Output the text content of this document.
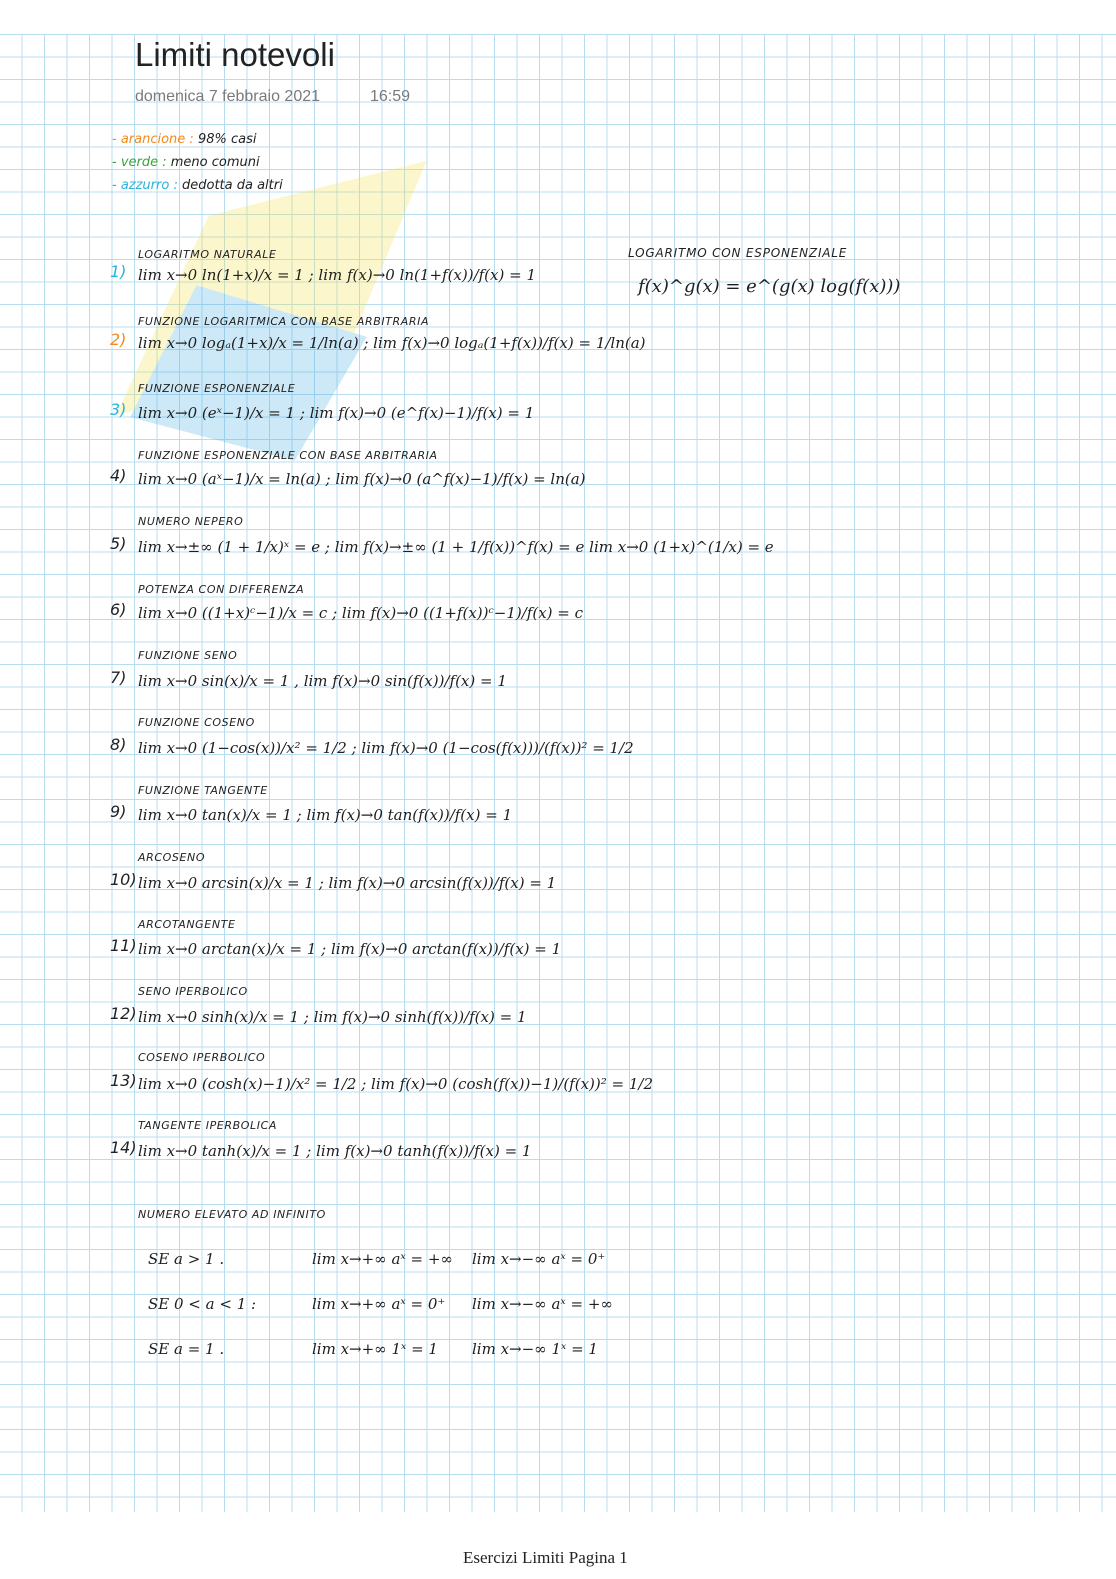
Limiti notevoli
domenica 7 febbraio 2021	16:59
- arancione : 98% casi
- verde : meno comuni
- azzurro : dedotta da altri
LOGARITMO CON ESPONENZIALE
f(x)^g(x) = e^(g(x) log(f(x)))
LOGARITMO NATURALE
1) lim x→0 ln(1+x)/x = 1 ; lim f(x)→0 ln(1+f(x))/f(x) = 1
FUNZIONE LOGARITMICA CON BASE ARBITRARIA
2) lim x→0 logₐ(1+x)/x = 1/ln(a) ; lim f(x)→0 logₐ(1+f(x))/f(x) = 1/ln(a)
FUNZIONE ESPONENZIALE
3) lim x→0 (eˣ−1)/x = 1 ; lim f(x)→0 (e^f(x)−1)/f(x) = 1
FUNZIONE ESPONENZIALE CON BASE ARBITRARIA
4) lim x→0 (aˣ−1)/x = ln(a) ; lim f(x)→0 (a^f(x)−1)/f(x) = ln(a)
NUMERO NEPERO
5) lim x→±∞ (1 + 1/x)ˣ = e ; lim f(x)→±∞ (1 + 1/f(x))^f(x) = e lim x→0 (1+x)^(1/x) = e
POTENZA CON DIFFERENZA
6) lim x→0 ((1+x)ᶜ−1)/x = c ; lim f(x)→0 ((1+f(x))ᶜ−1)/f(x) = c
FUNZIONE SENO
7) lim x→0 sin(x)/x = 1 , lim f(x)→0 sin(f(x))/f(x) = 1
FUNZIONE COSENO
8) lim x→0 (1−cos(x))/x² = 1/2 ; lim f(x)→0 (1−cos(f(x)))/(f(x))² = 1/2
FUNZIONE TANGENTE
9) lim x→0 tan(x)/x = 1 ; lim f(x)→0 tan(f(x))/f(x) = 1
ARCOSENO
10) lim x→0 arcsin(x)/x = 1 ; lim f(x)→0 arcsin(f(x))/f(x) = 1
ARCOTANGENTE
11) lim x→0 arctan(x)/x = 1 ; lim f(x)→0 arctan(f(x))/f(x) = 1
SENO IPERBOLICO
12) lim x→0 sinh(x)/x = 1 ; lim f(x)→0 sinh(f(x))/f(x) = 1
COSENO IPERBOLICO
13) lim x→0 (cosh(x)−1)/x² = 1/2 ; lim f(x)→0 (cosh(f(x))−1)/(f(x))² = 1/2
TANGENTE IPERBOLICA
14) lim x→0 tanh(x)/x = 1 ; lim f(x)→0 tanh(f(x))/f(x) = 1
NUMERO ELEVATO AD INFINITO
SE a > 1 .	lim x→+∞ aˣ = +∞ lim x→−∞ aˣ = 0⁺
SE 0 < a < 1 :	lim x→+∞ aˣ = 0⁺ lim x→−∞ aˣ = +∞
SE a = 1 .	lim x→+∞ 1ˣ = 1 lim x→−∞ 1ˣ = 1
Esercizi Limiti Pagina 1
